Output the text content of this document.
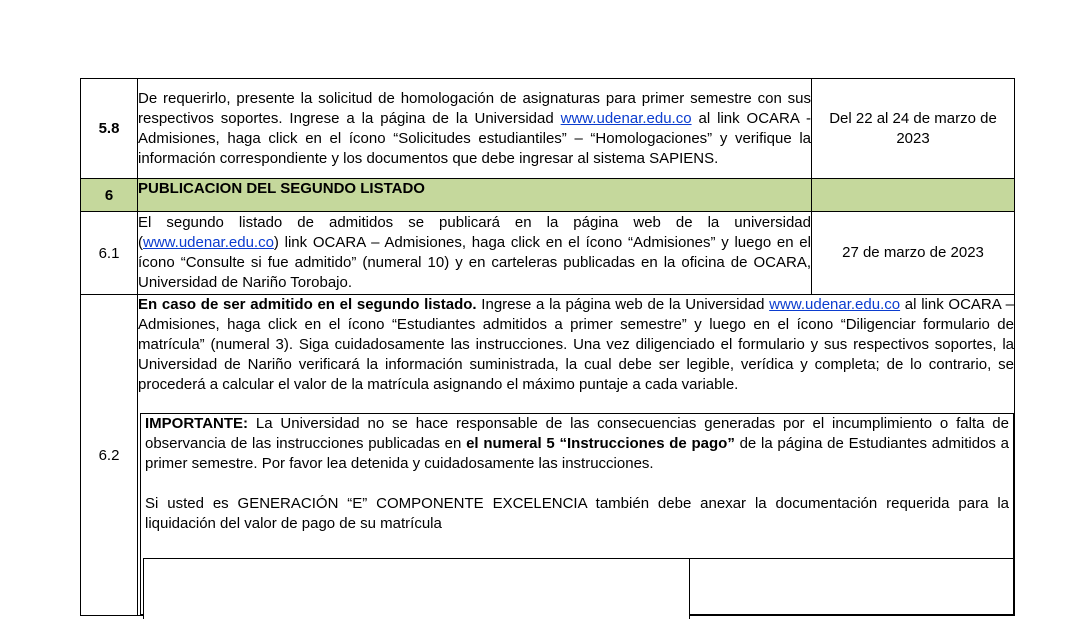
5.8	De requerirlo, presente la solicitud de homologación de asignaturas para primer semestre con sus respectivos soportes. Ingrese a la página de la Universidad www.udenar.edu.co al link OCARA - Admisiones, haga click en el ícono “Solicitudes estudiantiles” – “Homologaciones” y verifique la información correspondiente y los documentos que debe ingresar al sistema SAPIENS.	Del 22 al 24 de marzo de 2023
6	PUBLICACION DEL SEGUNDO LISTADO	
6.1	El segundo listado de admitidos se publicará en la página web de la universidad (www.udenar.edu.co) link OCARA – Admisiones, haga click en el ícono “Admisiones” y luego en el ícono “Consulte si fue admitido” (numeral 10) y en carteleras publicadas en la oficina de OCARA, Universidad de Nariño Torobajo.	27 de marzo de 2023
6.2	En caso de ser admitido en el segundo listado. Ingrese a la página web de la Universidad www.udenar.edu.co al link OCARA – Admisiones, haga click en el ícono “Estudiantes admitidos a primer semestre” y luego en el ícono “Diligenciar formulario de matrícula” (numeral 3). Siga cuidadosamente las instrucciones. Una vez diligenciado el formulario y sus respectivos soportes, la Universidad de Nariño verificará la información suministrada, la cual debe ser legible, verídica y completa; de lo contrario, se procederá a calcular el valor de la matrícula asignando el máximo puntaje a cada variable.

IMPORTANTE: La Universidad no se hace responsable de las consecuencias generadas por el incumplimiento o falta de observancia de las instrucciones publicadas en el numeral 5 “Instrucciones de pago” de la página de Estudiantes admitidos a primer semestre. Por favor lea detenida y cuidadosamente las instrucciones.

Si usted es GENERACIÓN “E” COMPONENTE EXCELENCIA también debe anexar la documentación requerida para la liquidación del valor de pago de su matrícula	
